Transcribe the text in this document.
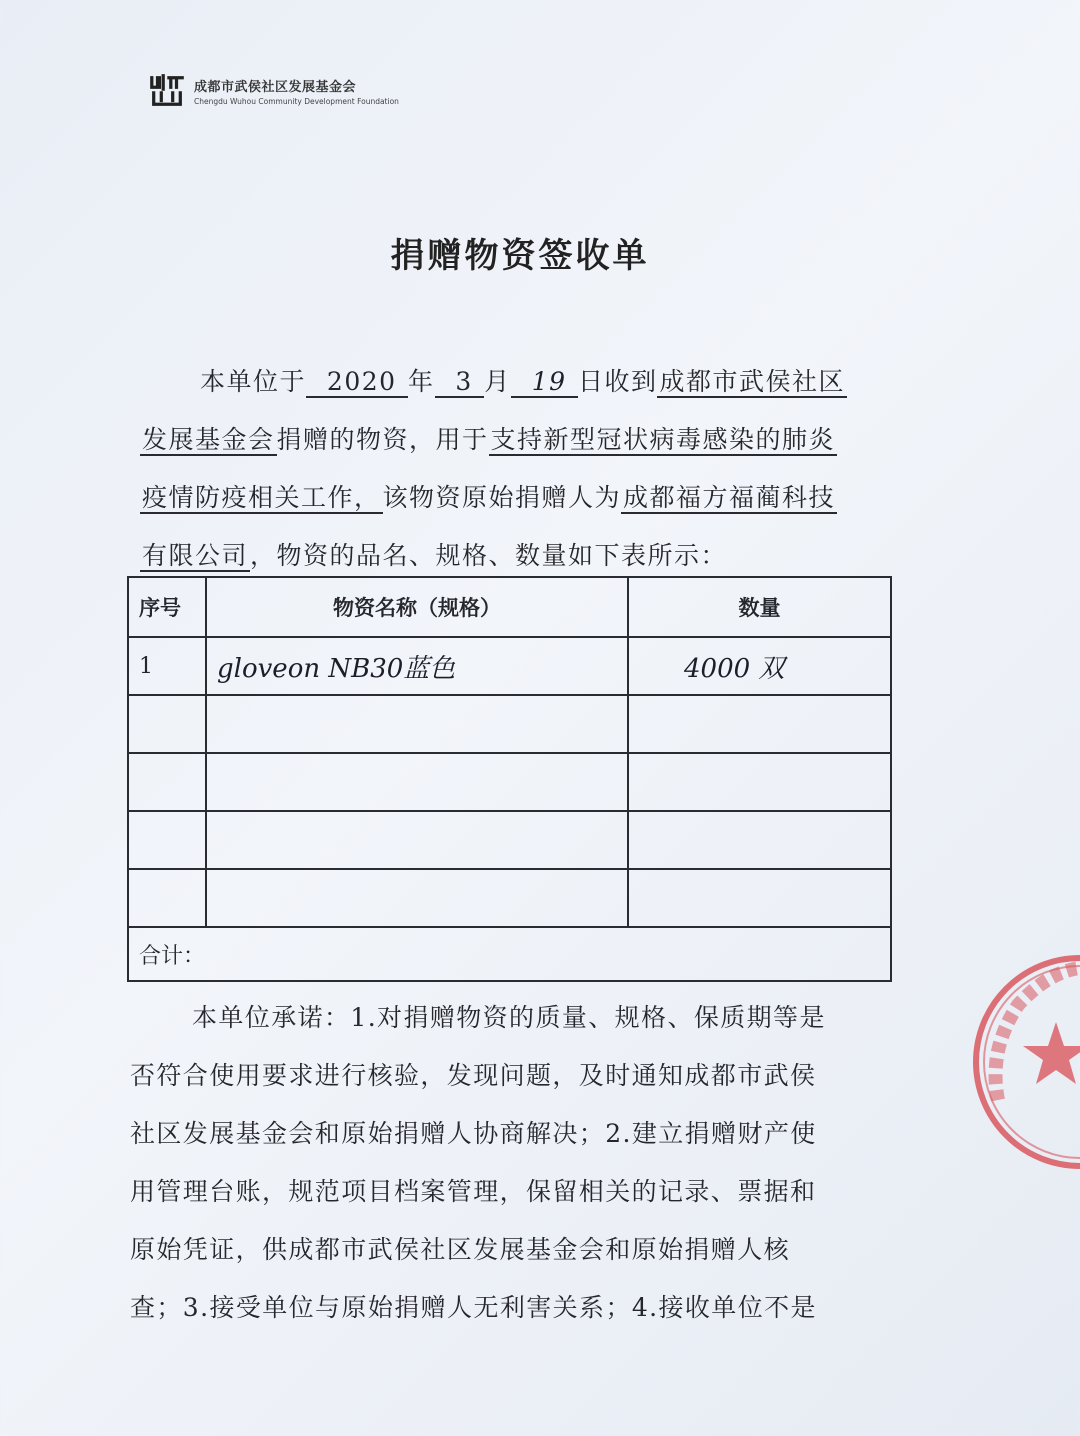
成都市武侯社区发展基金会
Chengdu Wuhou Community Development Foundation
捐赠物资签收单
本单位于 2020 年 3 月 19 日收到成都市武侯社区
发展基金会捐赠的物资，用于支持新型冠状病毒感染的肺炎
疫情防疫相关工作，该物资原始捐赠人为成都福方福蔺科技
有限公司，物资的品名、规格、数量如下表所示：
序号	物资名称（规格）	数量
1	gloveon NB30蓝色	4000 双

合计：		
本单位承诺：1.对捐赠物资的质量、规格、保质期等是
否符合使用要求进行核验，发现问题，及时通知成都市武侯
社区发展基金会和原始捐赠人协商解决；2.建立捐赠财产使
用管理台账，规范项目档案管理，保留相关的记录、票据和
原始凭证，供成都市武侯社区发展基金会和原始捐赠人核
查；3.接受单位与原始捐赠人无利害关系；4.接收单位不是
